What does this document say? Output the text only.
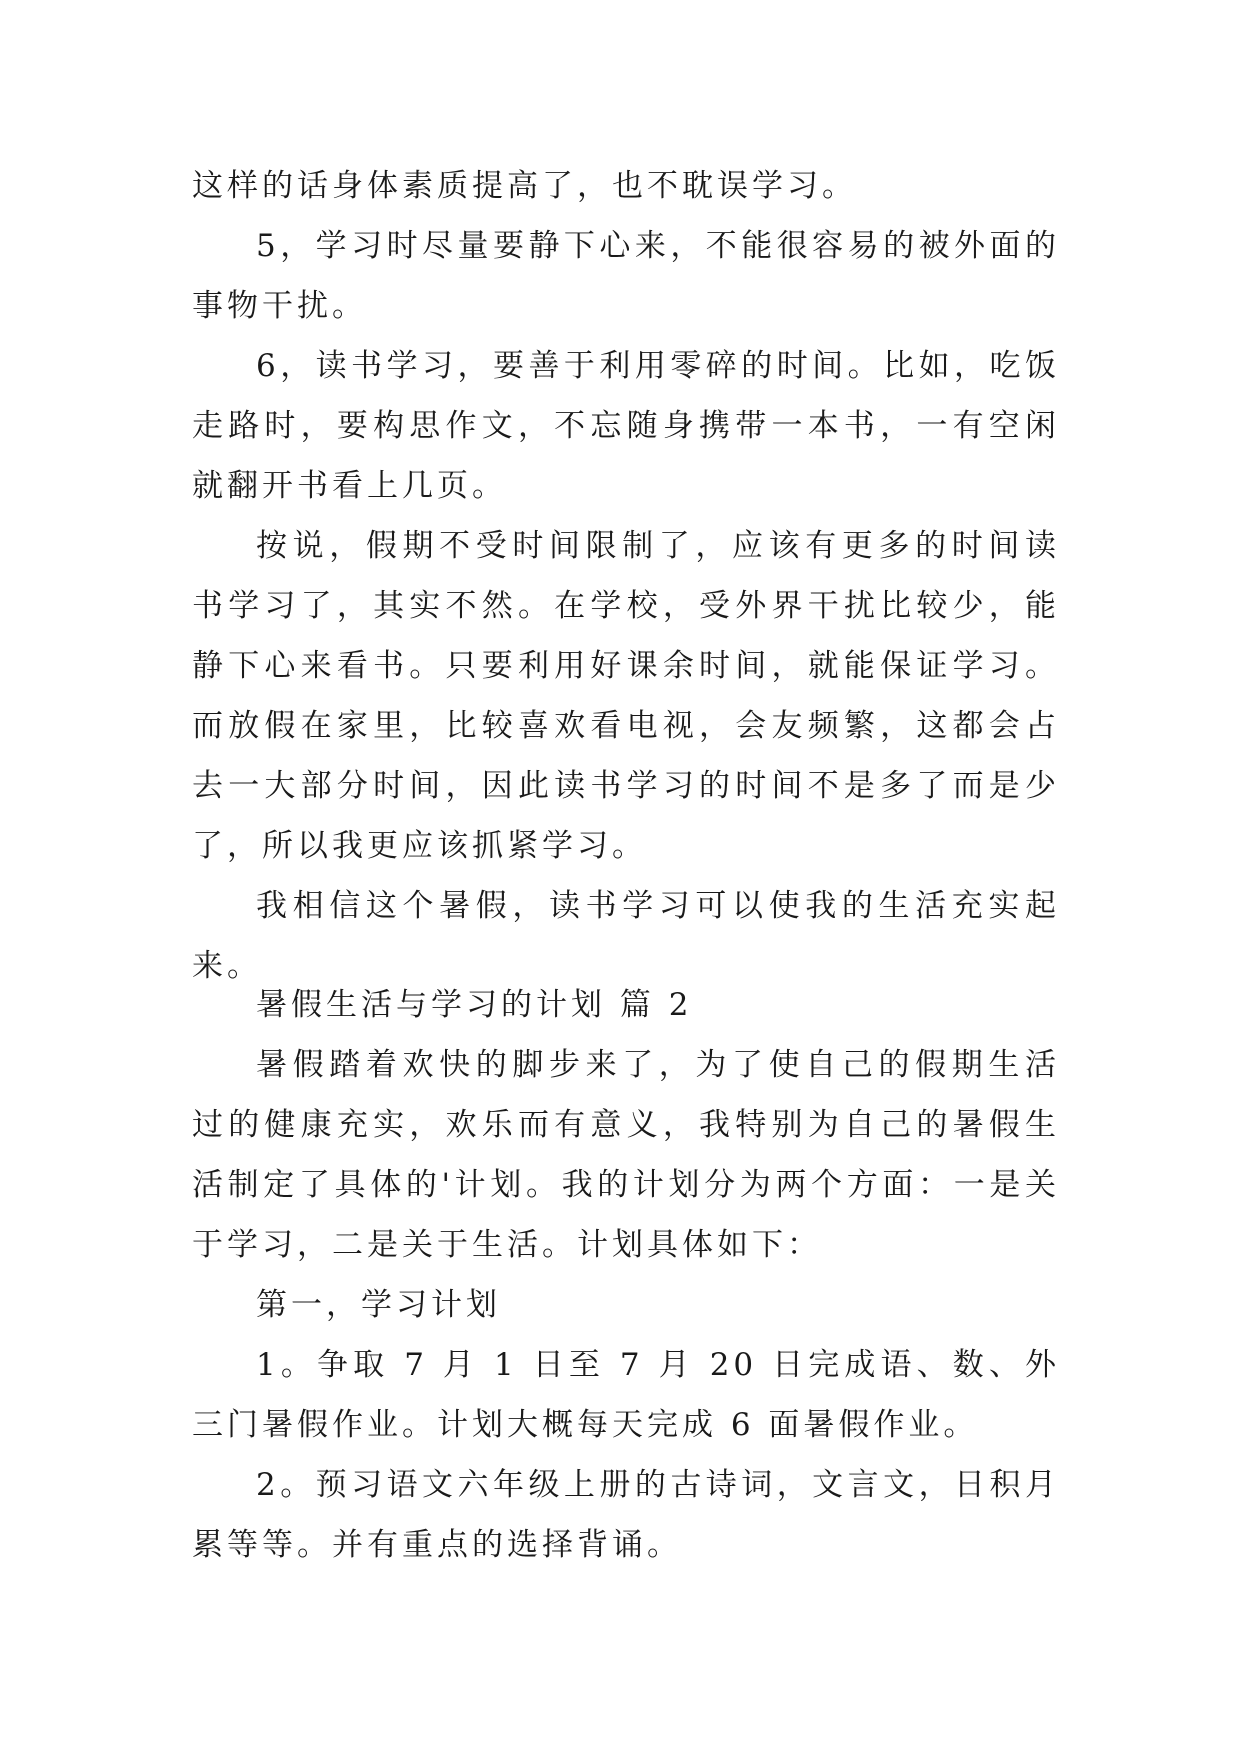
这样的话身体素质提高了，也不耽误学习。

5，学习时尽量要静下心来，不能很容易的被外面的事物干扰。

6，读书学习，要善于利用零碎的时间。比如，吃饭走路时，要构思作文，不忘随身携带一本书，一有空闲就翻开书看上几页。

按说，假期不受时间限制了，应该有更多的时间读书学习了，其实不然。在学校，受外界干扰比较少，能静下心来看书。只要利用好课余时间，就能保证学习。而放假在家里，比较喜欢看电视，会友频繁，这都会占去一大部分时间，因此读书学习的时间不是多了而是少了，所以我更应该抓紧学习。

我相信这个暑假，读书学习可以使我的生活充实起来。

暑假生活与学习的计划 篇 2

暑假踏着欢快的脚步来了，为了使自己的假期生活过的健康充实，欢乐而有意义，我特别为自己的暑假生活制定了具体的'计划。我的计划分为两个方面：一是关于学习，二是关于生活。计划具体如下：

第一，学习计划

1。争取 7 月 1 日至 7 月 20 日完成语、数、外三门暑假作业。计划大概每天完成 6 面暑假作业。

2。预习语文六年级上册的古诗词，文言文，日积月累等等。并有重点的选择背诵。
